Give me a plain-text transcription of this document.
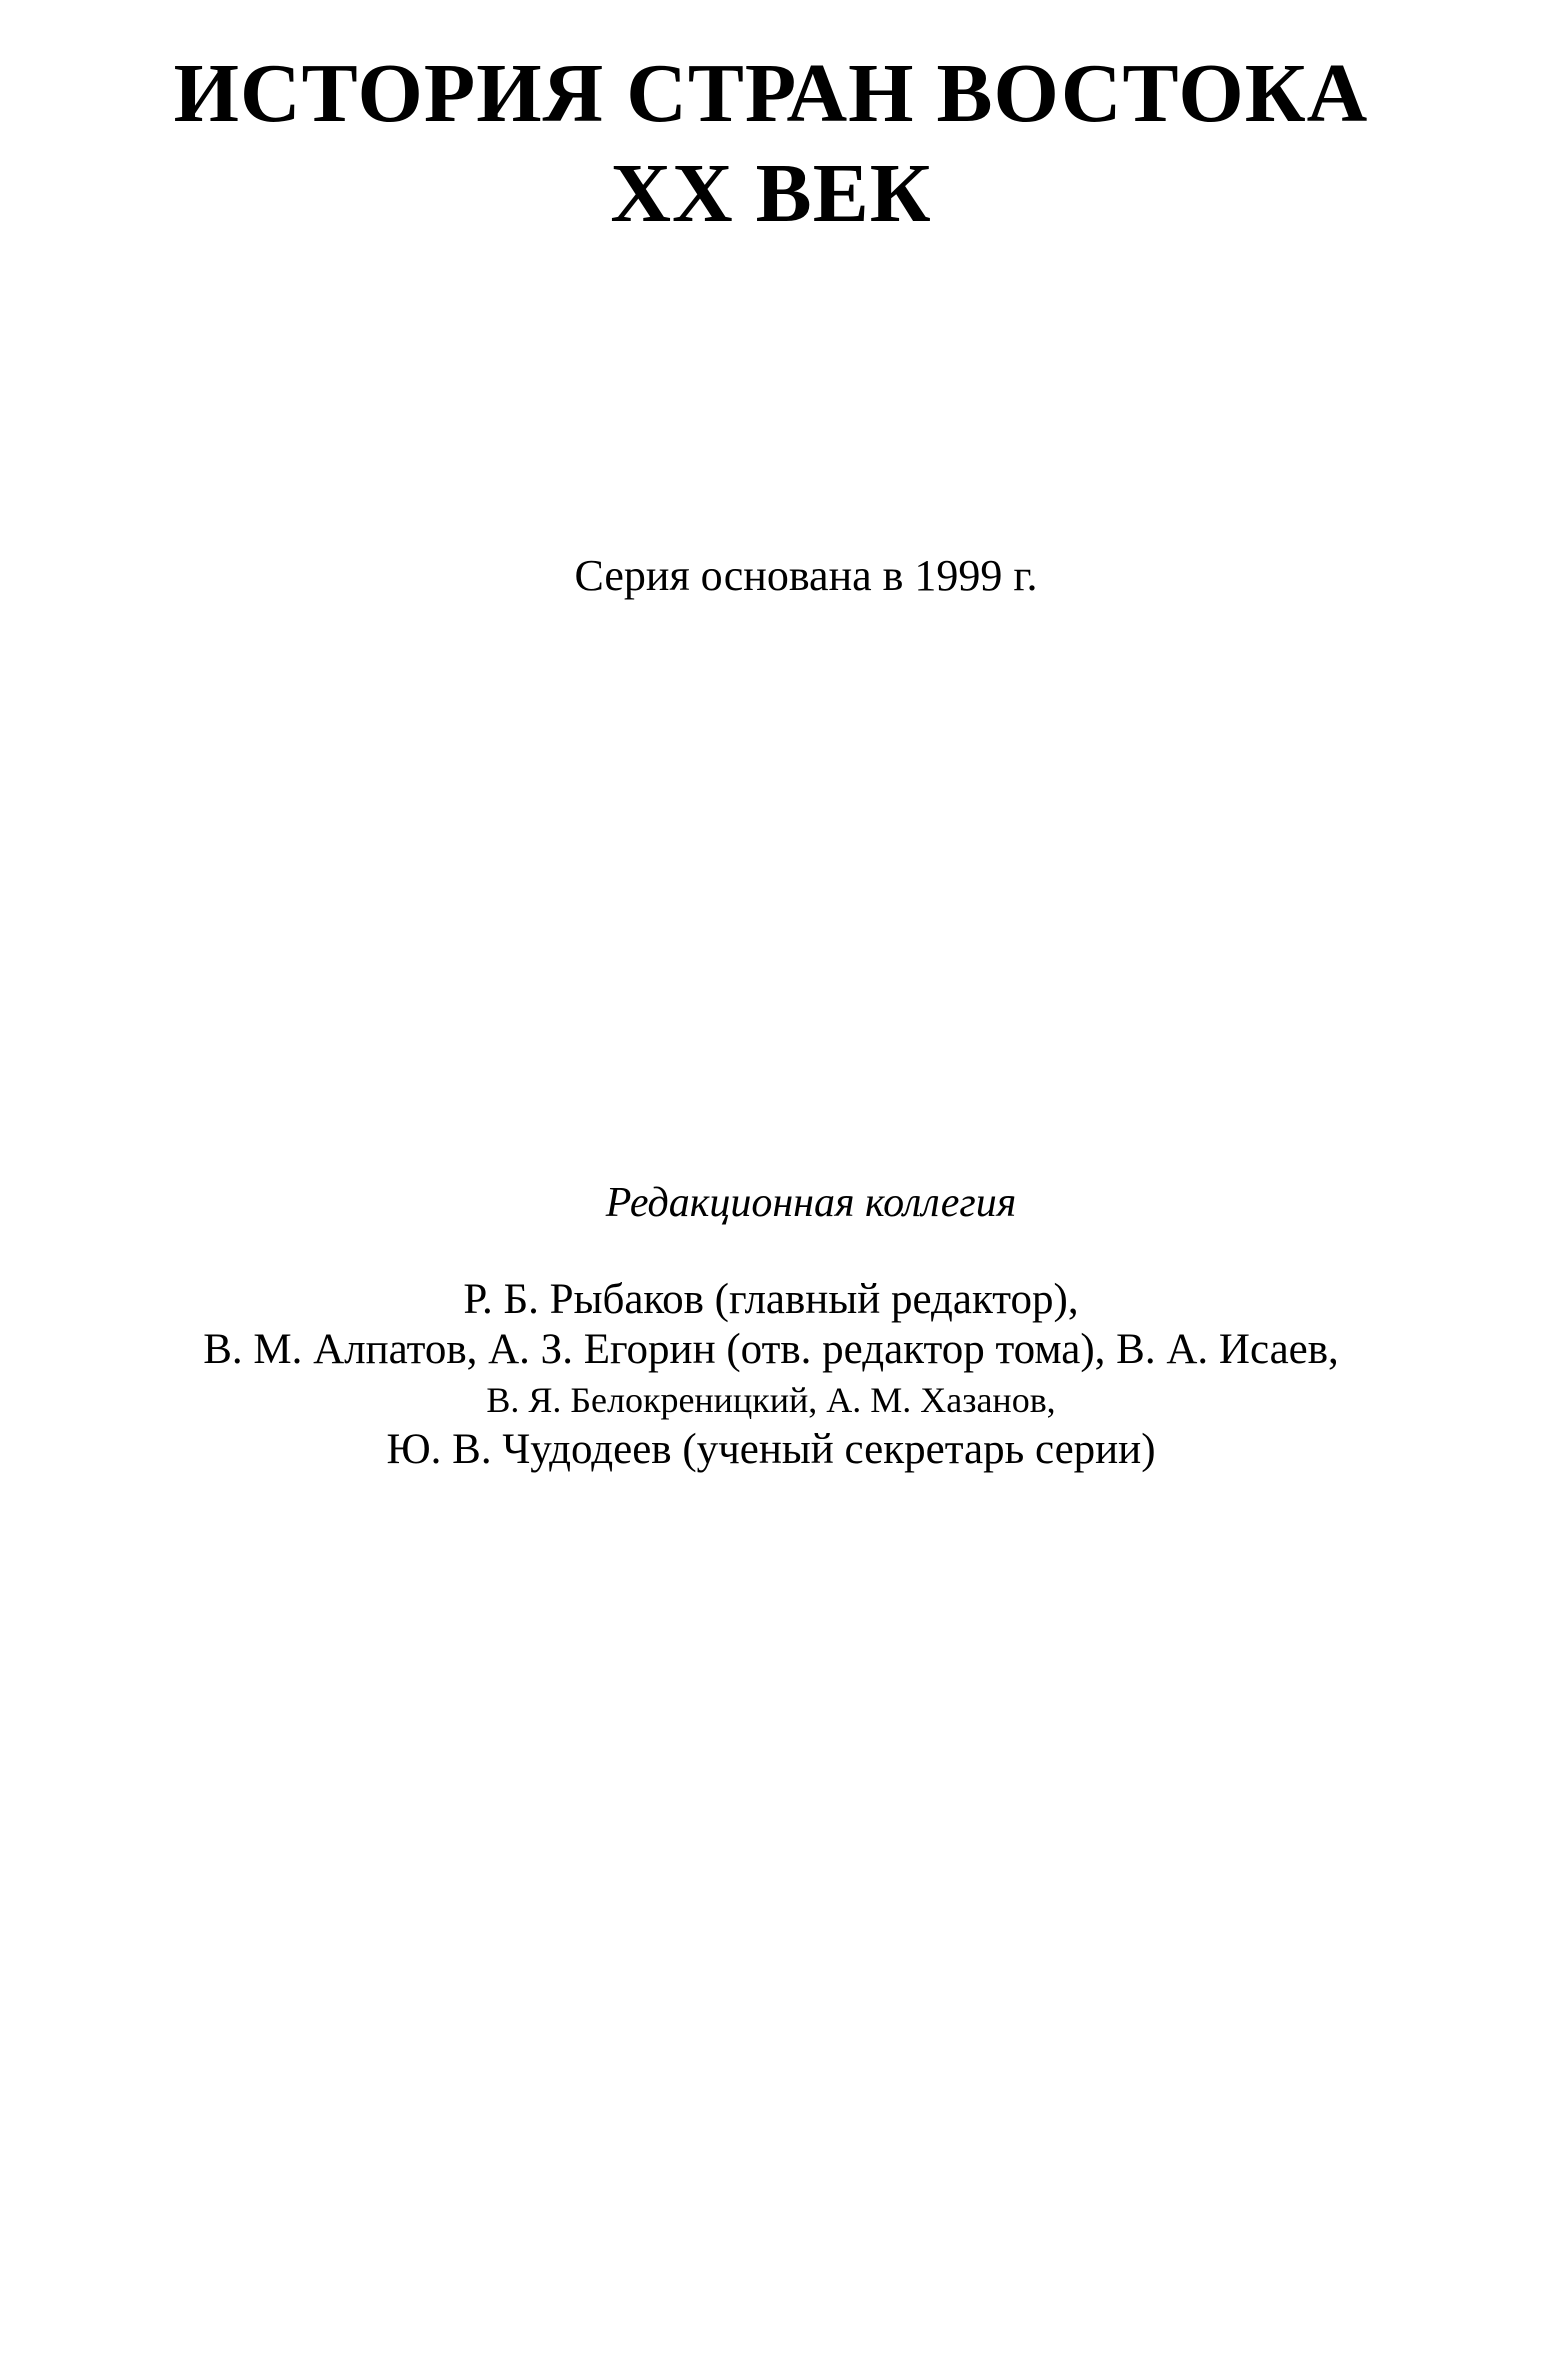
ИСТОРИЯ СТРАН ВОСТОКА
XX ВЕК
Серия основана в 1999 г.
Редакционная коллегия
Р. Б. Рыбаков (главный редактор),
В. М. Алпатов, А. З. Егорин (отв. редактор тома), В. А. Исаев,
В. Я. Белокреницкий, А. М. Хазанов,
Ю. В. Чудодеев (ученый секретарь серии)
